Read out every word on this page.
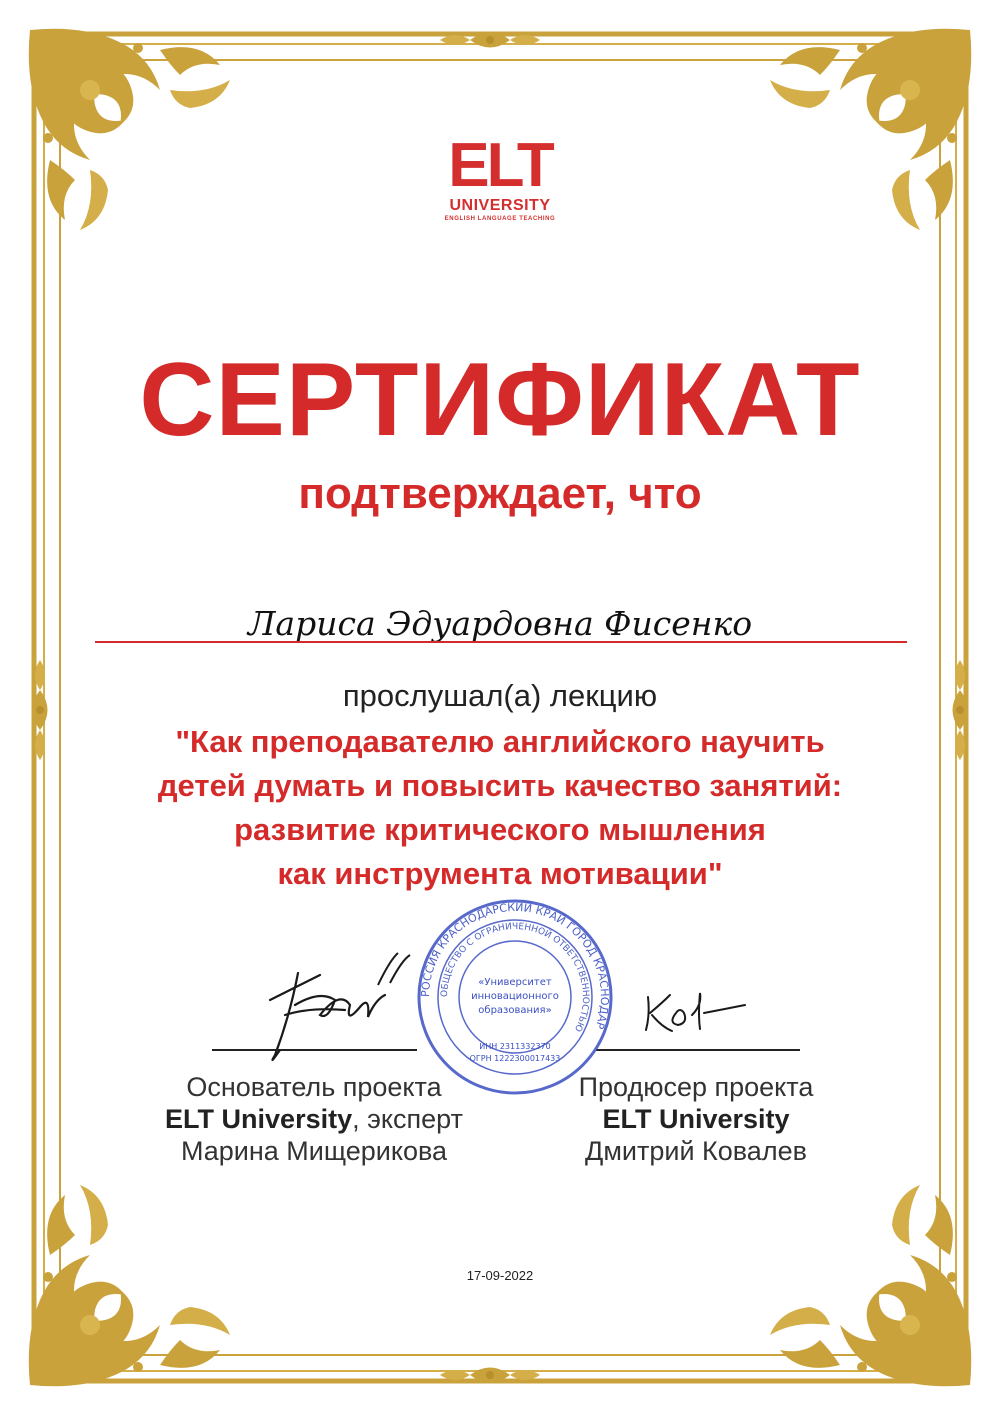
ELT
UNIVERSITY
ENGLISH LANGUAGE TEACHING
СЕРТИФИКАТ
подтверждает, что
Лариса Эдуардовна Фисенко
прослушал(а) лекцию
"Как преподавателю английского научить
детей думать и повысить качество занятий:
развитие критического мышления
как инструмента мотивации"
РОССИЯ КРАСНОДАРСКИЙ КРАЙ ГОРОД КРАСНОДАР
ОБЩЕСТВО С ОГРАНИЧЕННОЙ ОТВЕТСТВЕННОСТЬЮ
«Университет
инновационного
образования»
ИНН 2311332370
ОГРН 1222300017433
Основатель проекта
ELT University, эксперт
Марина Мищерикова
Продюсер проекта
ELT University
Дмитрий Ковалев
17-09-2022
